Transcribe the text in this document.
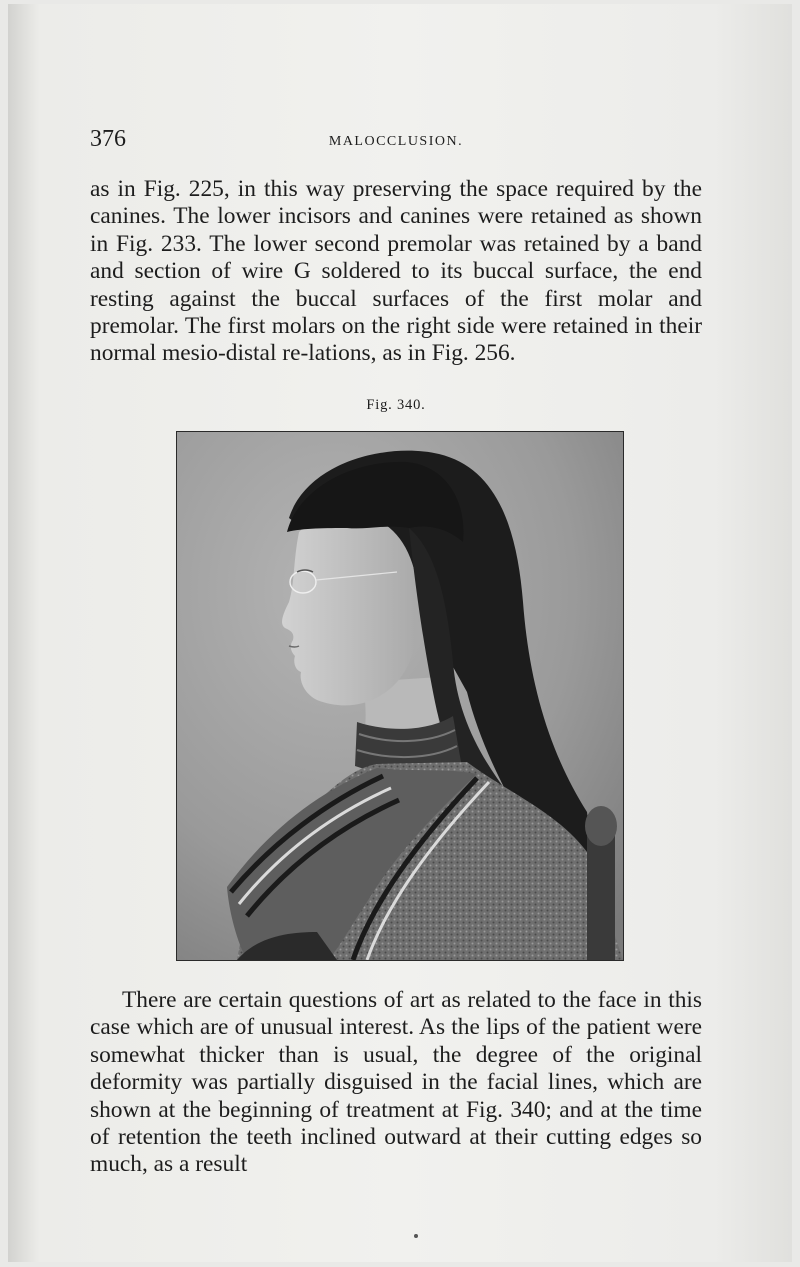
376	MALOCCLUSION.

as in Fig. 225, in this way preserving the space required by the canines. The lower incisors and canines were retained as shown in Fig. 233. The lower second premolar was retained by a band and section of wire G soldered to its buccal surface, the end resting against the buccal surfaces of the first molar and premolar. The first molars on the right side were retained in their normal mesio-distal re-lations, as in Fig. 256.

Fig. 340.

There are certain questions of art as related to the face in this case which are of unusual interest. As the lips of the patient were somewhat thicker than is usual, the degree of the original deformity was partially disguised in the facial lines, which are shown at the beginning of treatment at Fig. 340; and at the time of retention the teeth inclined outward at their cutting edges so much, as a result
